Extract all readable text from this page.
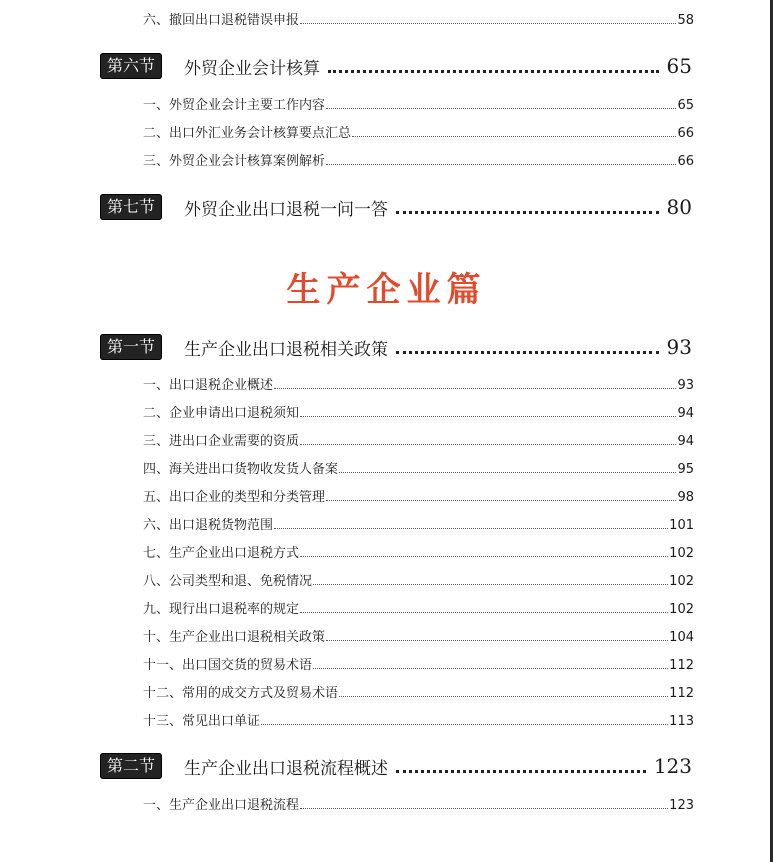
六、撤回出口退税错误申报	58
第六节	外贸企业会计核算	65
一、外贸企业会计主要工作内容	65
二、出口外汇业务会计核算要点汇总	66
三、外贸企业会计核算案例解析	66
第七节	外贸企业出口退税一问一答	80
生产企业篇
第一节	生产企业出口退税相关政策	93
一、出口退税企业概述	93
二、企业申请出口退税须知	94
三、进出口企业需要的资质	94
四、海关进出口货物收发货人备案	95
五、出口企业的类型和分类管理	98
六、出口退税货物范围	101
七、生产企业出口退税方式	102
八、公司类型和退、免税情况	102
九、现行出口退税率的规定	102
十、生产企业出口退税相关政策	104
十一、出口国交货的贸易术语	112
十二、常用的成交方式及贸易术语	112
十三、常见出口单证	113
第二节	生产企业出口退税流程概述	123
一、生产企业出口退税流程	123
